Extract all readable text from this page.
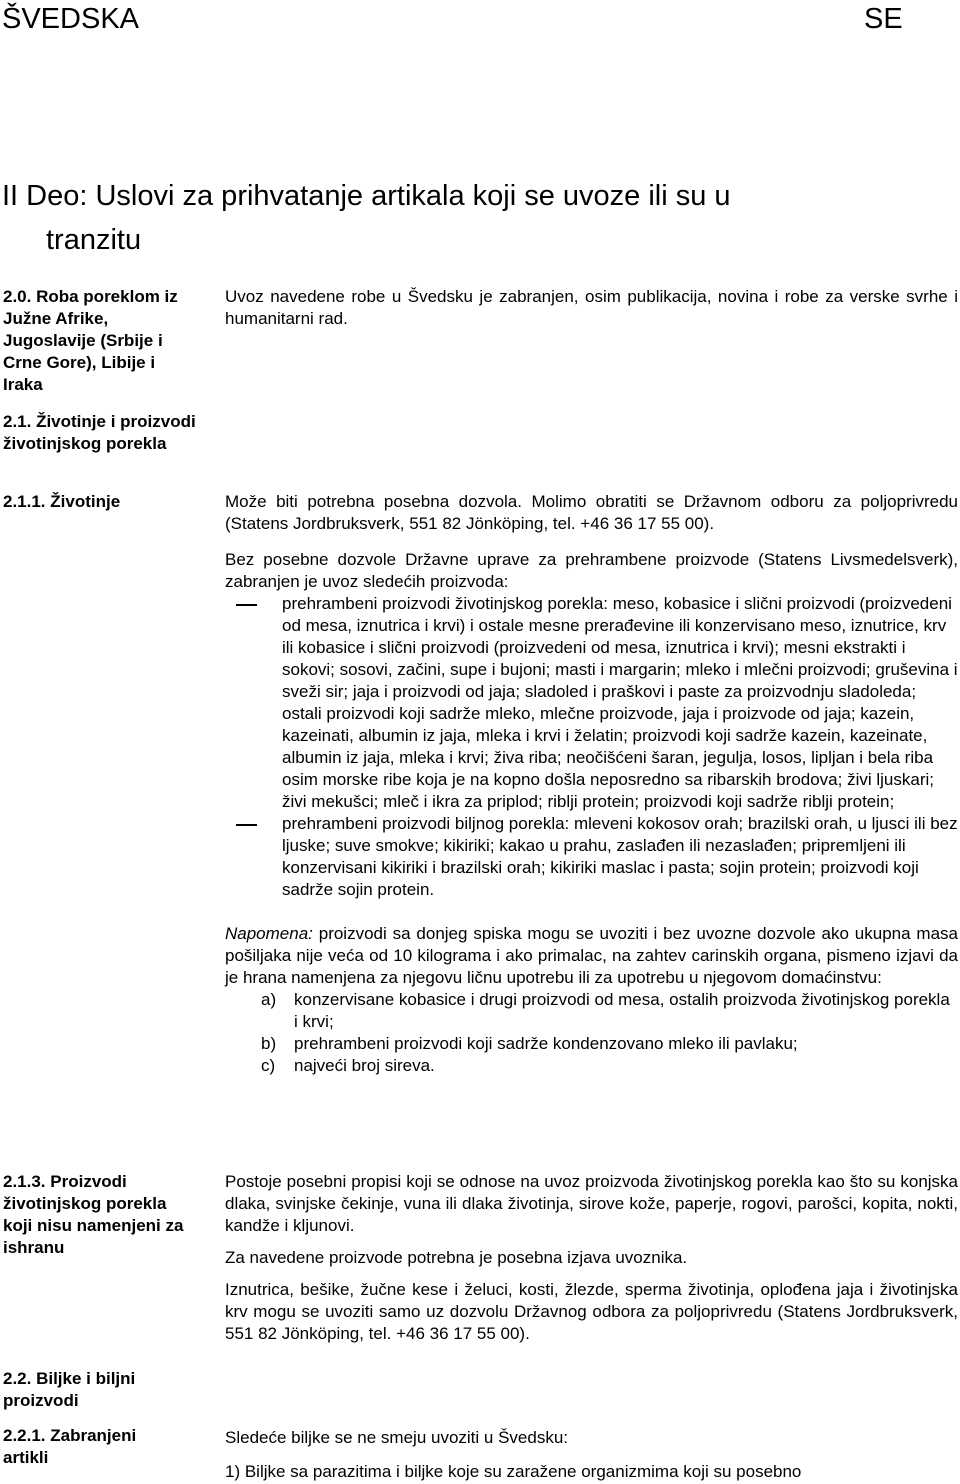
ŠVEDSKA	SE
II Deo: Uslovi za prihvatanje artikala koji se uvoze ili su u
tranzitu
2.0. Roba poreklom iz Južne Afrike, Jugoslavije (Srbije i Crne Gore), Libije i Iraka
Uvoz navedene robe u Švedsku je zabranjen, osim publikacija, novina i robe za verske svrhe i humanitarni rad.
2.1. Životinje i proizvodi životinjskog porekla
2.1.1. Životinje	Može biti potrebna posebna dozvola. Molimo obratiti se Državnom odboru za poljoprivredu (Statens Jordbruksverk, 551 82 Jönköping, tel. +46 36 17 55 00).

Bez posebne dozvole Državne uprave za prehrambene proizvode (Statens Livsmedelsverk), zabranjen je uvoz sledećih proizvoda:

prehrambeni proizvodi životinjskog porekla: meso, kobasice i slični proizvodi (proizvedeni od mesa, iznutrica i krvi) i ostale mesne prerađevine ili konzervisano meso, iznutrice, krv ili kobasice i slični proizvodi (proizvedeni od mesa, iznutrica i krvi); mesni ekstrakti i sokovi; sosovi, začini, supe i bujoni; masti i margarin; mleko i mlečni proizvodi; gruševina i sveži sir; jaja i proizvodi od jaja; sladoled i praškovi i paste za proizvodnju sladoleda; ostali proizvodi koji sadrže mleko, mlečne proizvode, jaja i proizvode od jaja; kazein, kazeinati, albumin iz jaja, mleka i krvi i želatin; proizvodi koji sadrže kazein, kazeinate, albumin iz jaja, mleka i krvi; živa riba; neočišćeni šaran, jegulja, losos, lipljan i bela riba osim morske ribe koja je na kopno došla neposredno sa ribarskih brodova; živi ljuskari; živi mekušci; mleč i ikra za priplod; riblji protein; proizvodi koji sadrže riblji protein;
prehrambeni proizvodi biljnog porekla: mleveni kokosov orah; brazilski orah, u ljusci ili bez ljuske; suve smokve; kikiriki; kakao u prahu, zaslađen ili nezaslađen; pripremljeni ili konzervisani kikiriki i brazilski orah; kikiriki maslac i pasta; sojin protein; proizvodi koji sadrže sojin protein.

Napomena: proizvodi sa donjeg spiska mogu se uvoziti i bez uvozne dozvole ako ukupna masa pošiljaka nije veća od 10 kilograma i ako primalac, na zahtev carinskih organa, pismeno izjavi da je hrana namenjena za njegovu ličnu upotrebu ili za upotrebu u njegovom domaćinstvu:

a) konzervisane kobasice i drugi proizvodi od mesa, ostalih proizvoda životinjskog porekla i krvi;
b) prehrambeni proizvodi koji sadrže kondenzovano mleko ili pavlaku;
c) najveći broj sireva.
2.1.3. Proizvodi životinjskog porekla koji nisu namenjeni za ishranu

Postoje posebni propisi koji se odnose na uvoz proizvoda životinjskog porekla kao što su konjska dlaka, svinjske čekinje, vuna ili dlaka životinja, sirove kože, paperje, rogovi, parošci, kopita, nokti, kandže i kljunovi.

Za navedene proizvode potrebna je posebna izjava uvoznika.

Iznutrica, bešike, žučne kese i želuci, kosti, žlezde, sperma životinja, oplođena jaja i životinjska krv mogu se uvoziti samo uz dozvolu Državnog odbora za poljoprivredu (Statens Jordbruksverk, 551 82 Jönköping, tel. +46 36 17 55 00).

2.2. Biljke i biljni proizvodi
2.2.1. Zabranjeni artikli
Sledeće biljke se ne smeju uvoziti u Švedsku:
1) Biljke sa parazitima i biljke koje su zaražene organizmima koji su posebno
